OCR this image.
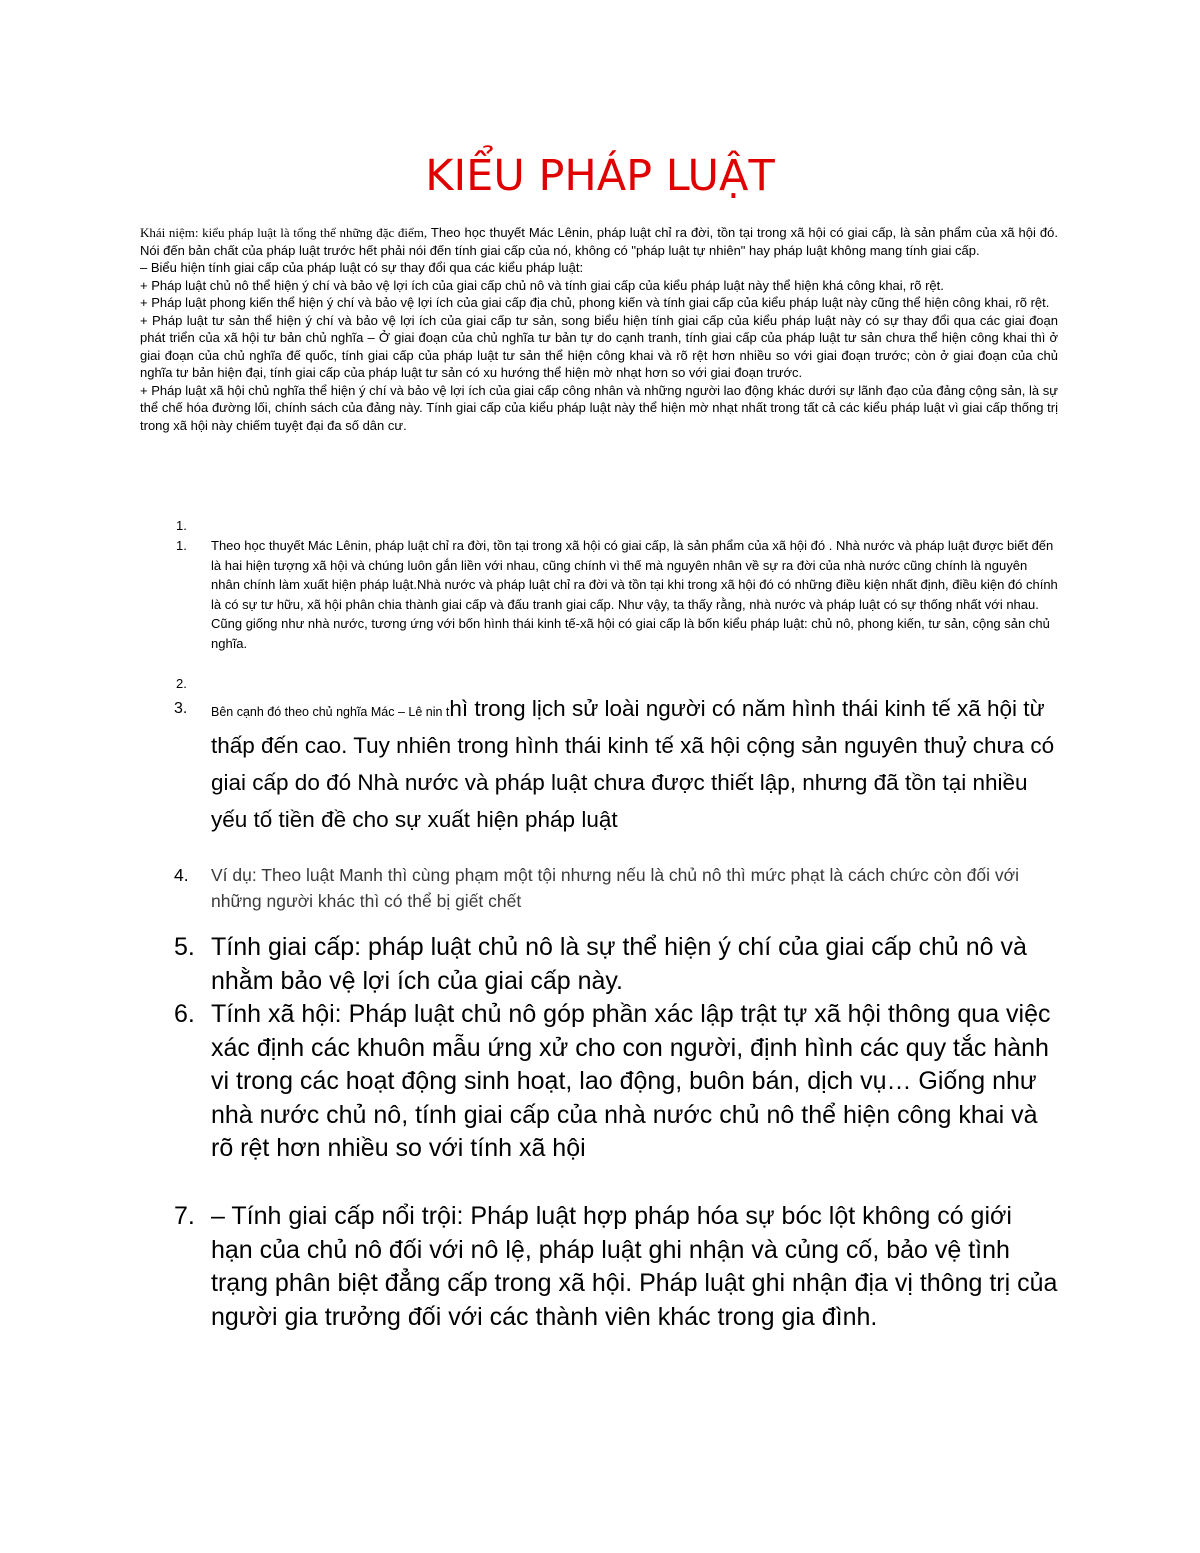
KIỂU PHÁP LUẬT

Khái niệm: kiểu pháp luật là tổng thể những đặc điểm, Theo học thuyết Mác Lênin, pháp luật chỉ ra đời, tồn tại trong xã hội có giai cấp, là sản phẩm của xã hội đó. Nói đến bản chất của pháp luật trước hết phải nói đến tính giai cấp của nó, không có "pháp luật tự nhiên" hay pháp luật không mang tính giai cấp.

– Biểu hiện tính giai cấp của pháp luật có sự thay đổi qua các kiểu pháp luật:

+ Pháp luật chủ nô thể hiện ý chí và bảo vệ lợi ích của giai cấp chủ nô và tính giai cấp của kiểu pháp luật này thể hiện khá công khai, rõ rệt.

+ Pháp luật phong kiến thể hiện ý chí và bảo vệ lợi ích của giai cấp địa chủ, phong kiến và tính giai cấp của kiểu pháp luật này cũng thể hiện công khai, rõ rệt.

+ Pháp luật tư sản thể hiện ý chí và bảo vệ lợi ích của giai cấp tư sản, song biểu hiện tính giai cấp của kiểu pháp luật này có sự thay đổi qua các giai đoạn phát triển của xã hội tư bản chủ nghĩa – Ở giai đoạn của chủ nghĩa tư bản tự do cạnh tranh, tính giai cấp của pháp luật tư sản chưa thể hiện công khai thì ở giai đoạn của chủ nghĩa đế quốc, tính giai cấp của pháp luật tư sản thể hiện công khai và rõ rệt hơn nhiều so với giai đoạn trước; còn ở giai đoạn của chủ nghĩa tư bản hiện đại, tính giai cấp của pháp luật tư sản có xu hướng thể hiện mờ nhạt hơn so với giai đoạn trước.

+ Pháp luật xã hội chủ nghĩa thể hiện ý chí và bảo vệ lợi ích của giai cấp công nhân và những người lao động khác dưới sự lãnh đạo của đảng cộng sản, là sự thể chế hóa đường lối, chính sách của đảng này. Tính giai cấp của kiểu pháp luật này thể hiện mờ nhạt nhất trong tất cả các kiểu pháp luật vì giai cấp thống trị trong xã hội này chiếm tuyệt đại đa số dân cư.

1.
1.	Theo học thuyết Mác Lênin, pháp luật chỉ ra đời, tồn tại trong xã hội có giai cấp, là sản phẩm của xã hội đó . Nhà nước và pháp luật được biết đến là hai hiện tượng xã hội và chúng luôn gắn liền với nhau, cũng chính vì thế mà nguyên nhân về sự ra đời của nhà nước cũng chính là nguyên nhân chính làm xuất hiện pháp luật.Nhà nước và pháp luật chỉ ra đời và tồn tại khi trong xã hội đó có những điều kiện nhất định, điều kiện đó chính là có sự tư hữu, xã hội phân chia thành giai cấp và đấu tranh giai cấp. Như vậy, ta thấy rằng, nhà nước và pháp luật có sự thống nhất với nhau. Cũng giống như nhà nước, tương ứng với bốn hình thái kinh tế-xã hội có giai cấp là bốn kiểu pháp luật: chủ nô, phong kiến, tư sản, cộng sản chủ nghĩa.
2.
3.	Bên cạnh đó theo chủ nghĩa Mác – Lê nin thì trong lịch sử loài người có năm hình thái kinh tế xã hội từ thấp đến cao. Tuy nhiên trong hình thái kinh tế xã hội cộng sản nguyên thuỷ chưa có giai cấp do đó Nhà nước và pháp luật chưa được thiết lập, nhưng đã tồn tại nhiều yếu tố tiền đề cho sự xuất hiện pháp luật
4.	Ví dụ: Theo luật Manh thì cùng phạm một tội nhưng nếu là chủ nô thì mức phạt là cách chức còn đối với những người khác thì có thể bị giết chết
5. Tính giai cấp: pháp luật chủ nô là sự thể hiện ý chí của giai cấp chủ nô và nhằm bảo vệ lợi ích của giai cấp này.
6. Tính xã hội: Pháp luật chủ nô góp phần xác lập trật tự xã hội thông qua việc xác định các khuôn mẫu ứng xử cho con người, định hình các quy tắc hành vi trong các hoạt động sinh hoạt, lao động, buôn bán, dịch vụ… Giống như nhà nước chủ nô, tính giai cấp của nhà nước chủ nô thể hiện công khai và rõ rệt hơn nhiều so với tính xã hội
7. – Tính giai cấp nổi trội: Pháp luật hợp pháp hóa sự bóc lột không có giới hạn của chủ nô đối với nô lệ, pháp luật ghi nhận và củng cố, bảo vệ tình trạng phân biệt đẳng cấp trong xã hội. Pháp luật ghi nhận địa vị thông trị của người gia trưởng đối với các thành viên khác trong gia đình.
